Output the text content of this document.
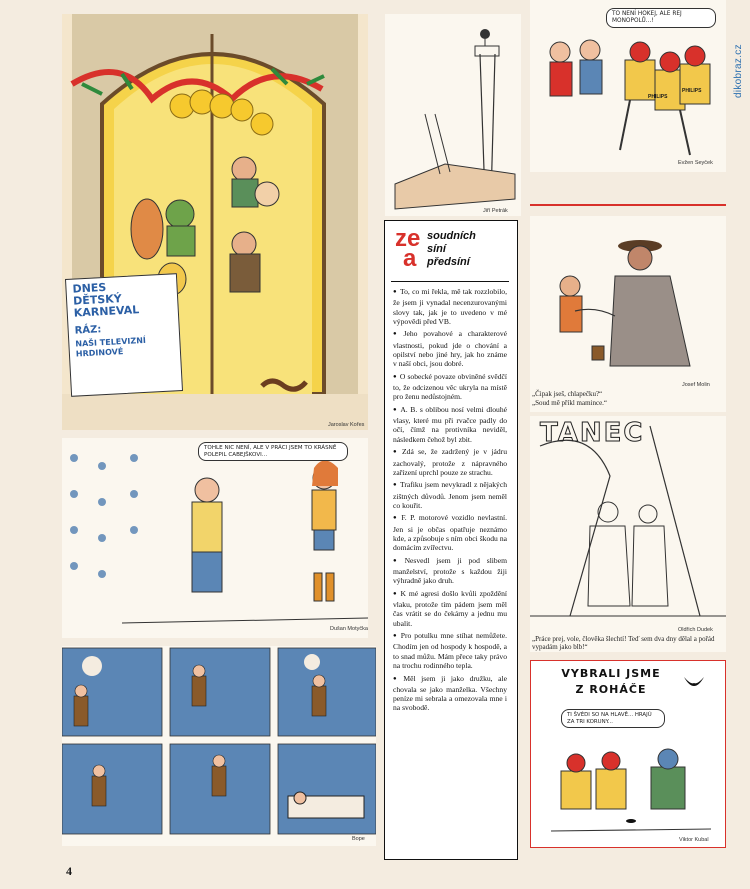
dikobraz.cz
DNES
DĚTSKÝ
KARNEVAL
RÁZ:
NAŠI TELEVIZNÍ
HRDINOVÉ
Jaroslav Kořes
Jiří Petrák
TO NENÍ HOKEJ, ALE REJ MONOPOLŮ...!
PHILIPS
PHILIPS
Evžen Seyček
ze
a
soudních
síní
předsíní

● To, co mi řekla, mě tak rozzlobilo, že jsem ji vynadal necenzurovanými slovy tak, jak je to uvedeno v mé výpovědi před VB.

● Jeho povahové a charakterové vlastnosti, pokud jde o chování a opilství nebo jiné hry, jak ho známe v naší obci, jsou dobré.

● O sobecké povaze obviněné svědčí to, že odcizenou věc ukryla na místě pro ženu nedůstojném.

● A. B. s oblibou nosí velmi dlouhé vlasy, které mu při rvačce padly do očí, čímž na protivníka neviděl, následkem čehož byl zbit.

● Zdá se, že zadržený je v jádru zachovalý, protože z nápravného zařízení uprchl pouze ze strachu.

● Trafiku jsem nevykradl z nějakých zištných důvodů. Jenom jsem neměl co kouřit.

● F. P. motorové vozidlo nevlastní. Jen si je občas opatřuje neznámo kde, a způsobuje s ním obci škodu na domácím zvířectvu.

● Nesvedl jsem ji pod slibem manželství, protože s každou žiji výhradně jako druh.

● K mé agresi došlo kvůli zpoždění vlaku, protože tím pádem jsem měl čas vrátit se do čekárny a jednu mu ubalit.

● Pro potulku mne stíhat nemůžete. Chodím jen od hospody k hospodě, a to snad můžu. Mám přece taky právo na trochu rodinného tepla.

● Měl jsem ji jako družku, ale chovala se jako manželka. Všechny peníze mi sebrala a omezovala mne i na svobodě.

Josef Molin
„Čipak jseš, chlapečku?“
„Soud mě příkl mamince.“
TOHLE NIC NENÍ, ALE V PRÁCI JSEM TO KRÁSNĚ POLEPIL CABEJŠKOVI...
Dušan Motyčka
TANEC
Oldřich Dudek
„Práce prej, vole, člověka šlechtí! Teď sem dva dny dělal a pořád vypadám jako blb!“
Bope
VYBRALI JSME
Z ROHÁČE
TI ŠVÉDI SO NA HLAVĚ... HRAJÚ ZA TRI KORUNY...
Viktor Kubal
4
